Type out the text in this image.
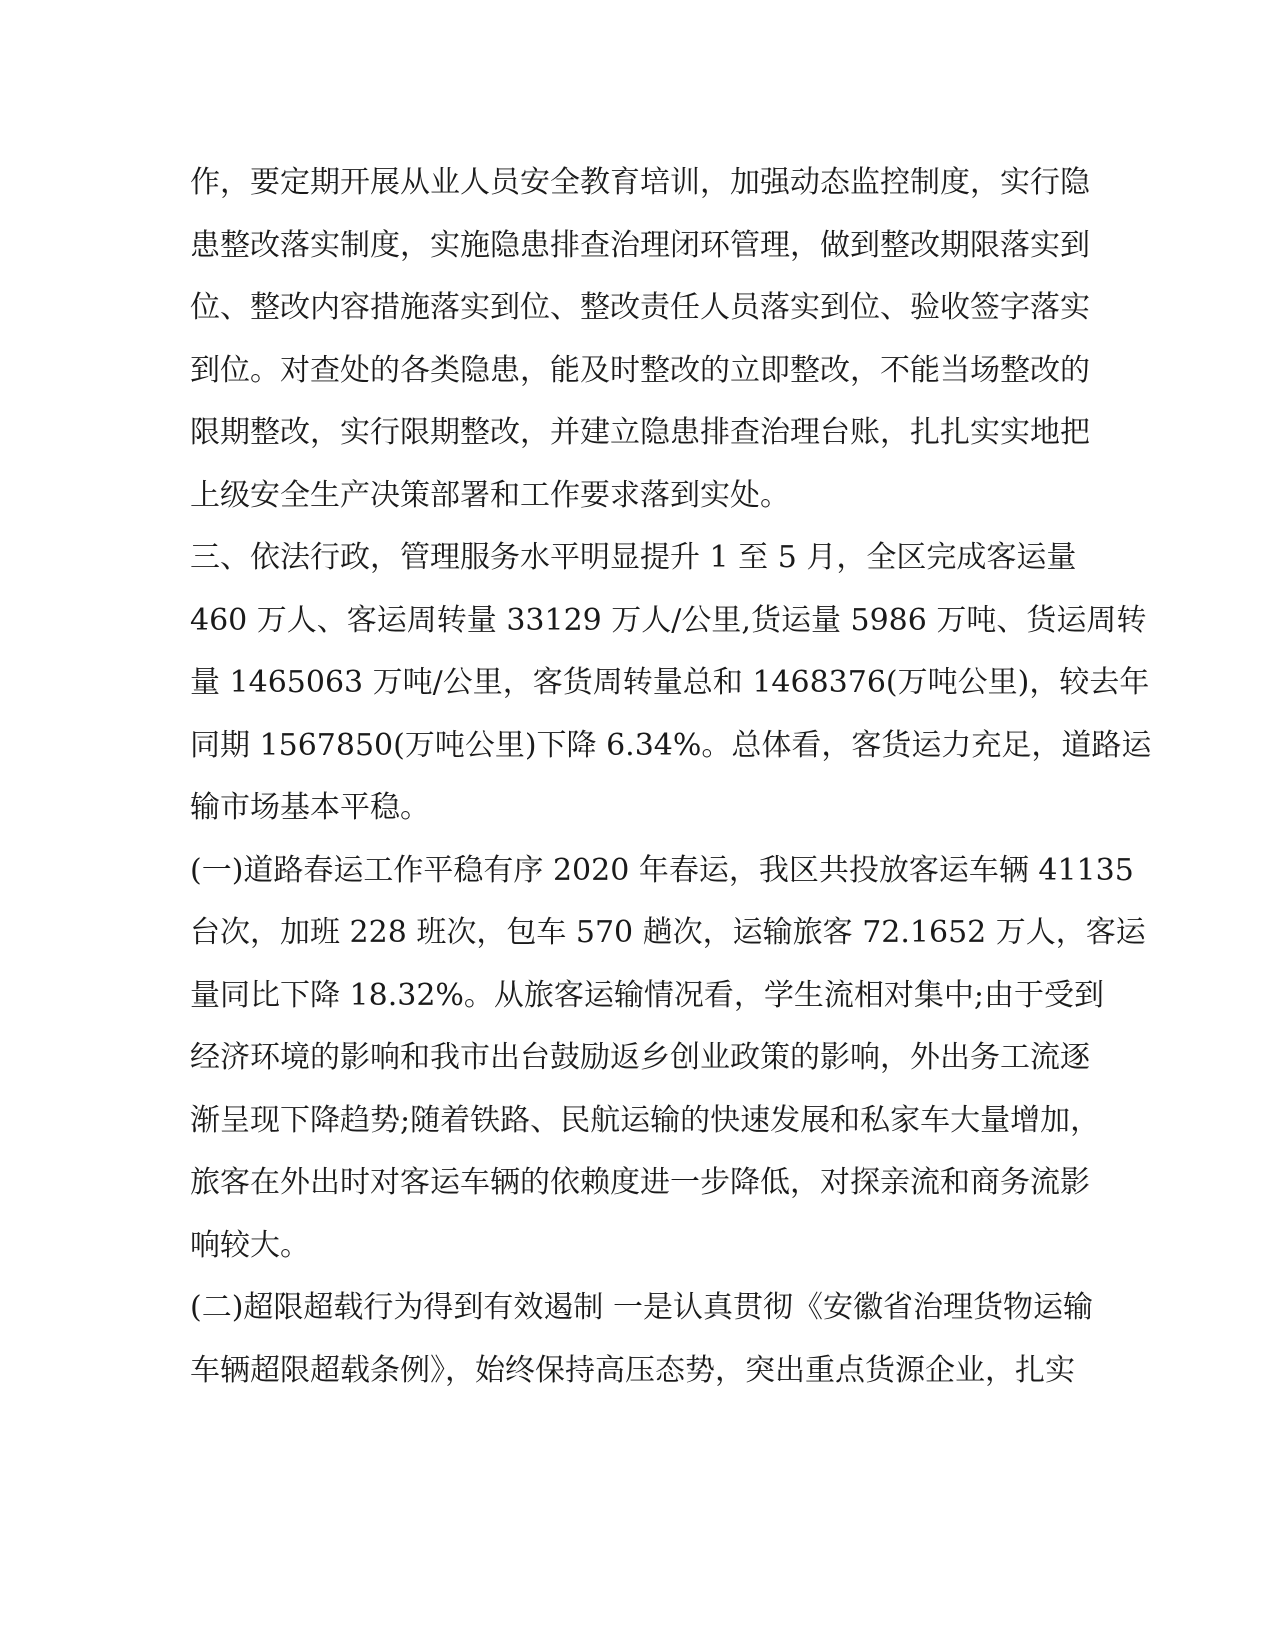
作，要定期开展从业人员安全教育培训，加强动态监控制度，实行隐
患整改落实制度，实施隐患排查治理闭环管理，做到整改期限落实到
位、整改内容措施落实到位、整改责任人员落实到位、验收签字落实
到位。对查处的各类隐患，能及时整改的立即整改，不能当场整改的
限期整改，实行限期整改，并建立隐患排查治理台账，扎扎实实地把
上级安全生产决策部署和工作要求落到实处。
三、依法行政，管理服务水平明显提升 1 至 5 月，全区完成客运量
460 万人、客运周转量 33129 万人/公里,货运量 5986 万吨、货运周转
量 1465063 万吨/公里，客货周转量总和 1468376(万吨公里)，较去年
同期 1567850(万吨公里)下降 6.34%。总体看，客货运力充足，道路运
输市场基本平稳。
(一)道路春运工作平稳有序 2020 年春运，我区共投放客运车辆 41135
台次，加班 228 班次，包车 570 趟次，运输旅客 72.1652 万人，客运
量同比下降 18.32%。从旅客运输情况看，学生流相对集中;由于受到
经济环境的影响和我市出台鼓励返乡创业政策的影响，外出务工流逐
渐呈现下降趋势;随着铁路、民航运输的快速发展和私家车大量增加，
旅客在外出时对客运车辆的依赖度进一步降低，对探亲流和商务流影
响较大。
(二)超限超载行为得到有效遏制 一是认真贯彻《安徽省治理货物运输
车辆超限超载条例》，始终保持高压态势，突出重点货源企业，扎实
